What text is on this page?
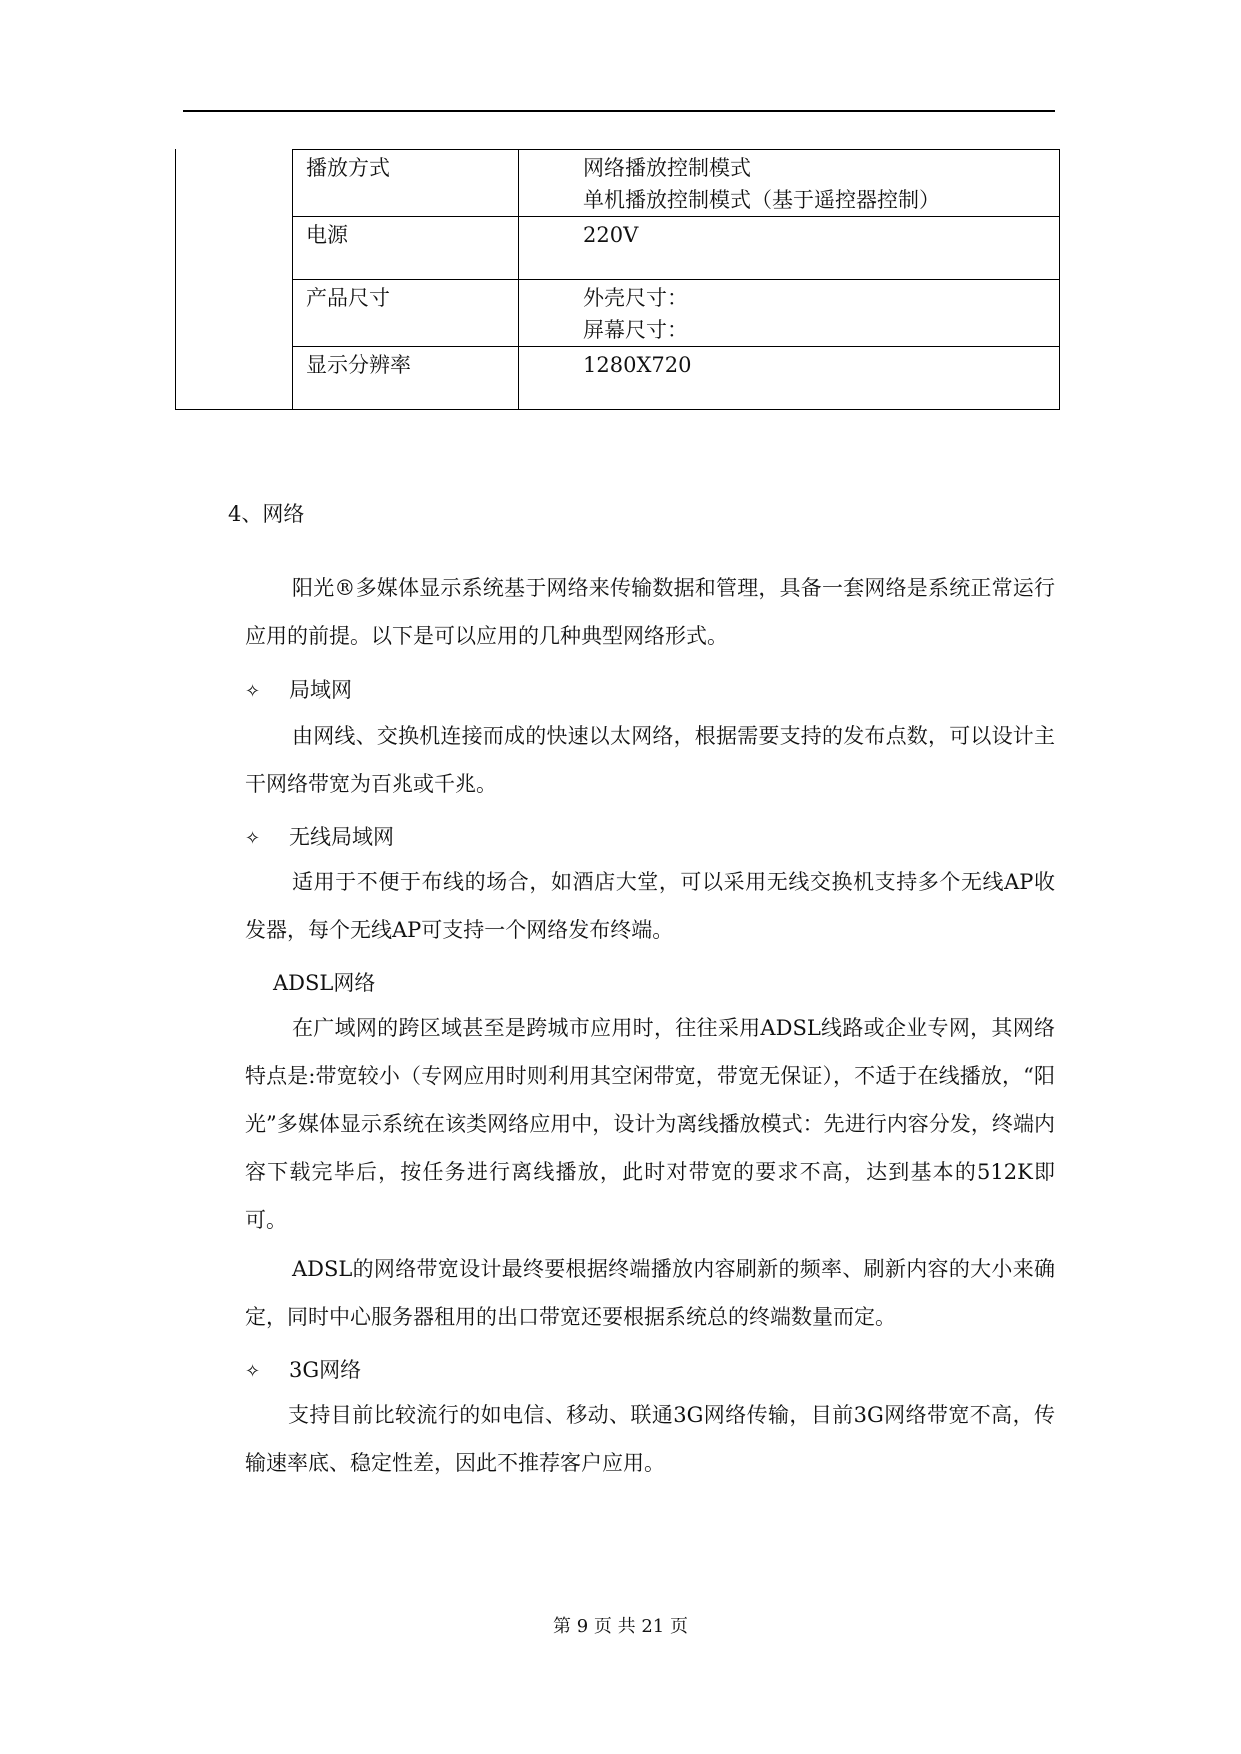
播放方式	网络播放控制模式
单机播放控制模式（基于遥控器控制）

电源	220V

产品尺寸	外壳尺寸：
屏幕尺寸：

显示分辨率	1280X720
4、网络
阳光®多媒体显示系统基于网络来传输数据和管理，具备一套网络是系统正常运行应用的前提。以下是可以应用的几种典型网络形式。
✧ 局域网
由网线、交换机连接而成的快速以太网络，根据需要支持的发布点数，可以设计主干网络带宽为百兆或千兆。
✧ 无线局域网
适用于不便于布线的场合，如酒店大堂，可以采用无线交换机支持多个无线AP收发器，每个无线AP可支持一个网络发布终端。
ADSL网络
在广域网的跨区域甚至是跨城市应用时，往往采用ADSL线路或企业专网，其网络特点是:带宽较小（专网应用时则利用其空闲带宽，带宽无保证），不适于在线播放，“阳光”多媒体显示系统在该类网络应用中，设计为离线播放模式：先进行内容分发，终端内容下载完毕后，按任务进行离线播放，此时对带宽的要求不高，达到基本的512K即可。
ADSL的网络带宽设计最终要根据终端播放内容刷新的频率、刷新内容的大小来确定，同时中心服务器租用的出口带宽还要根据系统总的终端数量而定。
✧ 3G网络
支持目前比较流行的如电信、移动、联通3G网络传输，目前3G网络带宽不高，传输速率底、稳定性差，因此不推荐客户应用。
第 9 页 共 21 页
